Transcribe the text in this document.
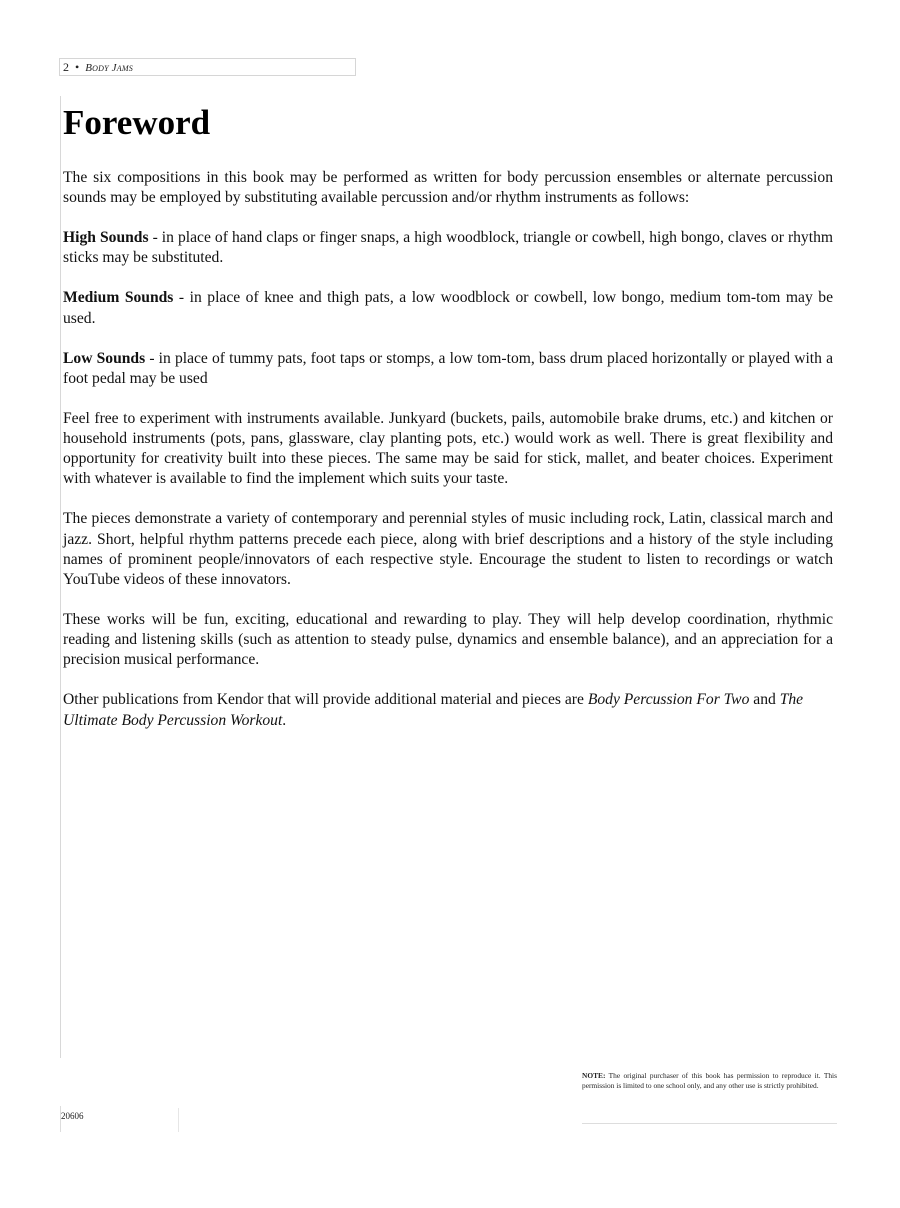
2 • Body Jams
Foreword

The six compositions in this book may be performed as written for body percussion ensembles or alternate percussion sounds may be employed by substituting available percussion and/or rhythm instruments as follows:

High Sounds - in place of hand claps or finger snaps, a high woodblock, triangle or cowbell, high bongo, claves or rhythm sticks may be substituted.

Medium Sounds - in place of knee and thigh pats, a low woodblock or cowbell, low bongo, medium tom-tom may be used.

Low Sounds - in place of tummy pats, foot taps or stomps, a low tom-tom, bass drum placed horizontally or played with a foot pedal may be used

Feel free to experiment with instruments available. Junkyard (buckets, pails, automobile brake drums, etc.) and kitchen or household instruments (pots, pans, glassware, clay planting pots, etc.) would work as well. There is great flexibility and opportunity for creativity built into these pieces. The same may be said for stick, mallet, and beater choices. Experiment with whatever is available to find the implement which suits your taste.

The pieces demonstrate a variety of contemporary and perennial styles of music including rock, Latin, classical march and jazz. Short, helpful rhythm patterns precede each piece, along with brief descriptions and a history of the style including names of prominent people/innovators of each respective style. Encourage the student to listen to recordings or watch YouTube videos of these innovators.

These works will be fun, exciting, educational and rewarding to play. They will help develop coordination, rhythmic reading and listening skills (such as attention to steady pulse, dynamics and ensemble balance), and an appreciation for a precision musical performance.

Other publications from Kendor that will provide additional material and pieces are Body Percussion For Two and The Ultimate Body Percussion Workout.

NOTE: The original purchaser of this book has permission to reproduce it. This permission is limited to one school only, and any other use is strictly prohibited.
20606
